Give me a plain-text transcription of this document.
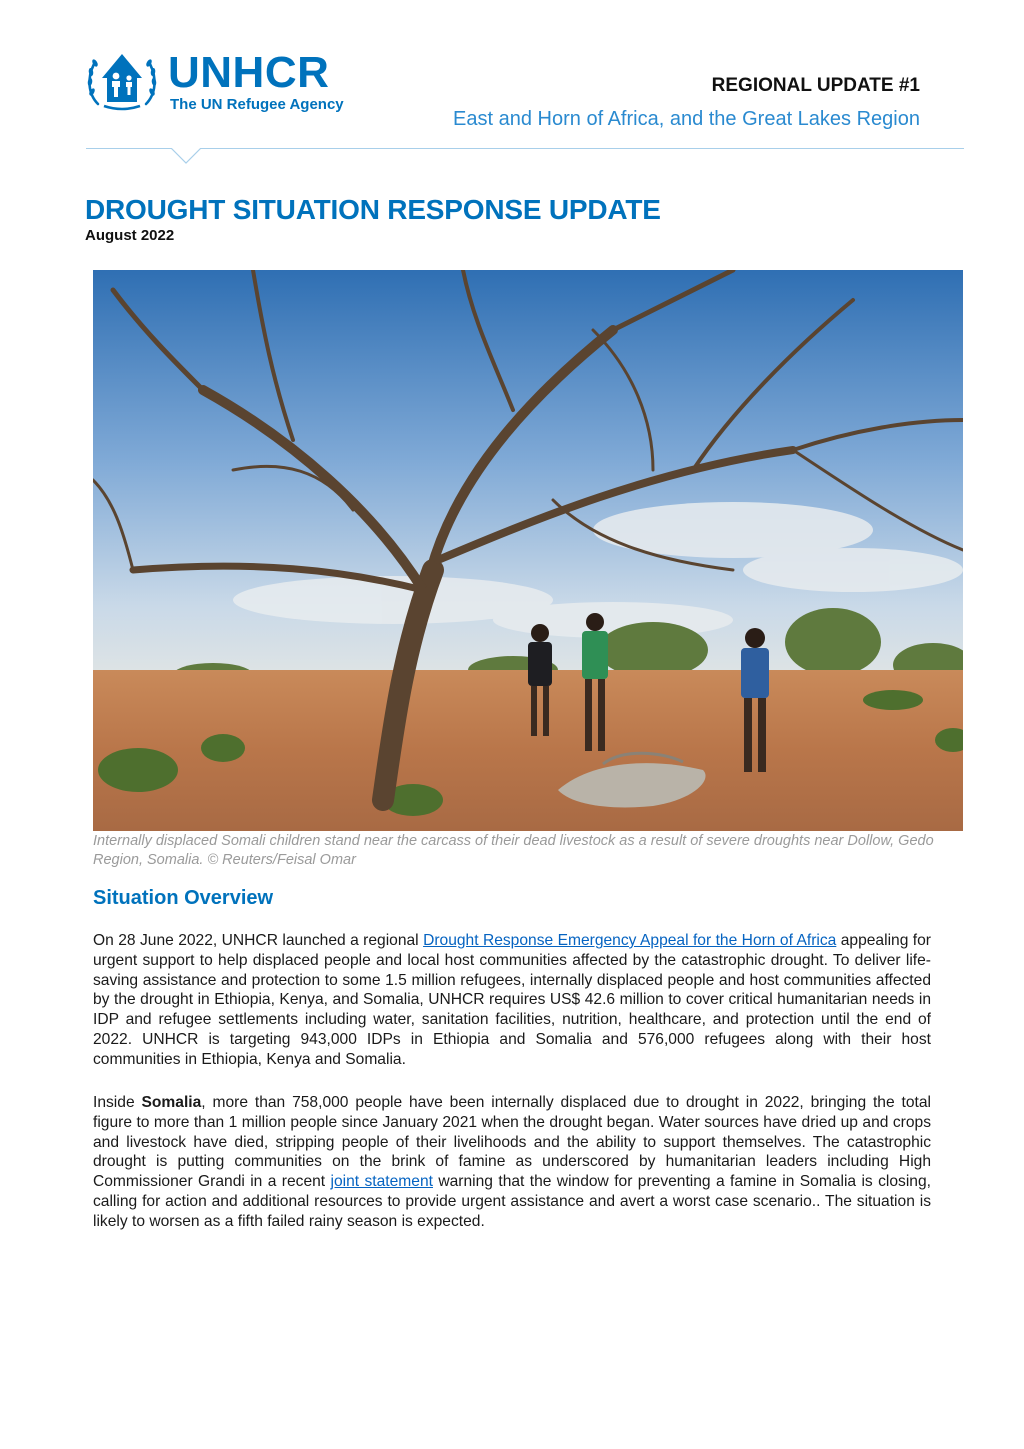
UNHCR
The UN Refugee Agency
REGIONAL UPDATE #1
East and Horn of Africa, and the Great Lakes Region
DROUGHT SITUATION RESPONSE UPDATE
August 2022
Internally displaced Somali children stand near the carcass of their dead livestock as a result of severe droughts near Dollow, Gedo Region, Somalia. © Reuters/Feisal Omar
Situation Overview

On 28 June 2022, UNHCR launched a regional Drought Response Emergency Appeal for the Horn of Africa appealing for urgent support to help displaced people and local host communities affected by the catastrophic drought. To deliver life-saving assistance and protection to some 1.5 million refugees, internally displaced people and host communities affected by the drought in Ethiopia, Kenya, and Somalia, UNHCR requires US$ 42.6 million to cover critical humanitarian needs in IDP and refugee settlements including water, sanitation facilities, nutrition, healthcare, and protection until the end of 2022. UNHCR is targeting 943,000 IDPs in Ethiopia and Somalia and 576,000 refugees along with their host communities in Ethiopia, Kenya and Somalia.

Inside Somalia, more than 758,000 people have been internally displaced due to drought in 2022, bringing the total figure to more than 1 million people since January 2021 when the drought began. Water sources have dried up and crops and livestock have died, stripping people of their livelihoods and the ability to support themselves. The catastrophic drought is putting communities on the brink of famine as underscored by humanitarian leaders including High Commissioner Grandi in a recent joint statement warning that the window for preventing a famine in Somalia is closing, calling for action and additional resources to provide urgent assistance and avert a worst case scenario.. The situation is likely to worsen as a fifth failed rainy season is expected.
